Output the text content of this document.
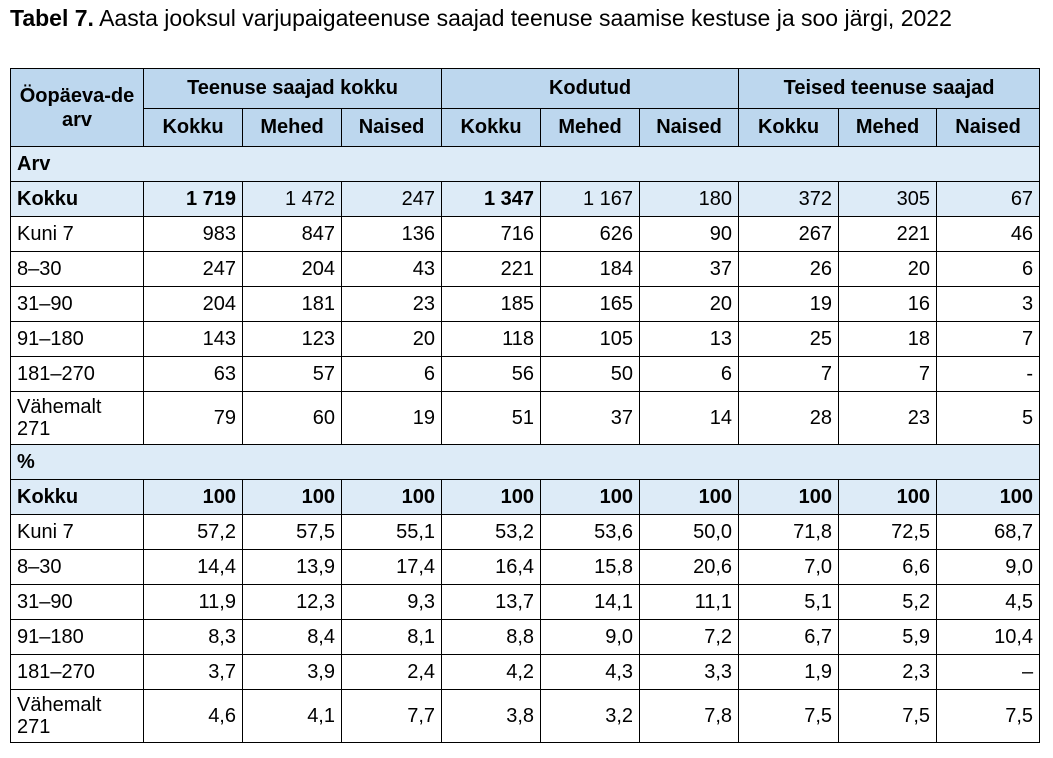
Tabel 7. Aasta jooksul varjupaigateenuse saajad teenuse saamise kestuse ja soo järgi, 2022
Öopäeva-de arv	Teenuse saajad kokku			Kodutud			Teised teenuse saajad		
	Kokku	Mehed	Naised	Kokku	Mehed	Naised	Kokku	Mehed	Naised
Arv									
Kokku	1 719	1 472	247	1 347	1 167	180	372	305	67
Kuni 7	983	847	136	716	626	90	267	221	46
8–30	247	204	43	221	184	37	26	20	6
31–90	204	181	23	185	165	20	19	16	3
91–180	143	123	20	118	105	13	25	18	7
181–270	63	57	6	56	50	6	7	7	-
Vähemalt 271	79	60	19	51	37	14	28	23	5
%									
Kokku	100	100	100	100	100	100	100	100	100
Kuni 7	57,2	57,5	55,1	53,2	53,6	50,0	71,8	72,5	68,7
8–30	14,4	13,9	17,4	16,4	15,8	20,6	7,0	6,6	9,0
31–90	11,9	12,3	9,3	13,7	14,1	11,1	5,1	5,2	4,5
91–180	8,3	8,4	8,1	8,8	9,0	7,2	6,7	5,9	10,4
181–270	3,7	3,9	2,4	4,2	4,3	3,3	1,9	2,3	–
Vähemalt 271	4,6	4,1	7,7	3,8	3,2	7,8	7,5	7,5	7,5
